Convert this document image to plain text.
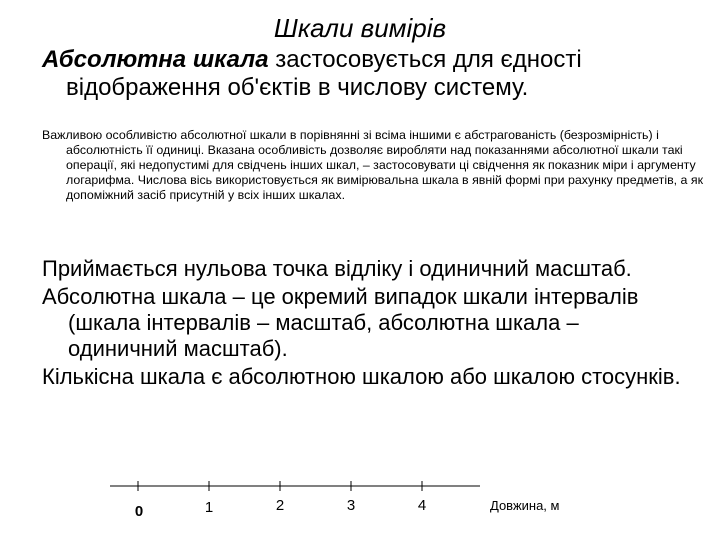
Шкали вимірів

Абсолютна шкала застосовується для єдності відображення об'єктів в числову систему.

Важливою особливістю абсолютної шкали в порівнянні зі всіма іншими є абстрагованість (безрозмірність) і абсолютність її одиниці. Вказана особливість дозволяє виробляти над показаннями абсолютної шкали такі операції, які недопустимі для свідчень інших шкал, – застосовувати ці свідчення як показник міри і аргументу логарифма. Числова вісь використовується як вимірювальна шкала в явній формі при рахунку предметів, а як допоміжний засіб присутній у всіх інших шкалах.

Приймається нульова точка відліку і одиничний масштаб.

Абсолютна шкала – це окремий випадок шкали інтервалів (шкала інтервалів – масштаб, абсолютна шкала – одиничний масштаб).

Кількісна шкала є абсолютною шкалою або шкалою стосунків.

0	1	2	3	4	Довжина, м
